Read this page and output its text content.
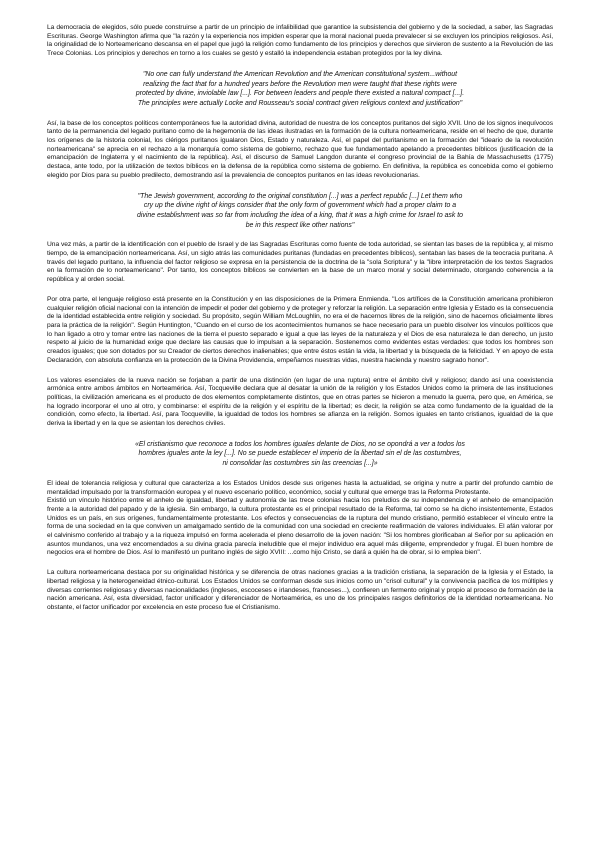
La democracia de elegidos, sólo puede construirse a partir de un principio de infalibilidad que garantice la subsistencia del gobierno y de la sociedad, a saber, las Sagradas Escrituras. George Washington afirma que "la razón y la experiencia nos impiden esperar que la moral nacional pueda prevalecer si se excluyen los principios religiosos. Así, la originalidad de lo Norteamericano descansa en el papel que jugó la religión como fundamento de los principios y derechos que sirvieron de sustento a la Revolución de las Trece Colonias. Los principios y derechos en torno a los cuales se gestó y estalló la independencia estaban protegidos por la ley divina.

"No one can fully understand the American Revolution and the American constitutional system...without realizing the fact that for a hundred years before the Revolution men were taught that these rights were protected by divine, inviolable law [...]. For between leaders and people there existed a natural compact [...]. The principles were actually Locke and Rousseau's social contract given religious context and justification"

Así, la base de los conceptos políticos contemporáneos fue la autoridad divina, autoridad de nuestra de los conceptos puritanos del siglo XVII. Uno de los signos inequívocos tanto de la permanencia del legado puritano como de la hegemonía de las ideas ilustradas en la formación de la cultura norteamericana, reside en el hecho de que, durante los orígenes de la historia colonial, los clérigos puritanos igualaron Dios, Estado y naturaleza. Así, el papel del puritanismo en la formación del "ideario de la revolución norteamericana" se aprecia en el rechazo a la monarquía como sistema de gobierno, rechazo que fue fundamentado apelando a precedentes bíblicos (justificación de la emancipación de Inglaterra y el nacimiento de la república). Así, el discurso de Samuel Langdon durante el congreso provincial de la Bahía de Massachusetts (1775) destaca, ante todo, por la utilización de textos bíblicos en la defensa de la república como sistema de gobierno. En definitiva, la república es concebida como el gobierno elegido por Dios para su pueblo predilecto, demostrando así la prevalencia de conceptos puritanos en las ideas revolucionarias.

"The Jewish government, according to the original constitution [...] was a perfect republic [...] Let them who cry up the divine right of kings consider that the only form of government which had a proper claim to a divine establishment was so far from including the idea of a king, that it was a high crime for Israel to ask to be in this respect like other nations"

Una vez más, a partir de la identificación con el pueblo de Israel y de las Sagradas Escrituras como fuente de toda autoridad, se sientan las bases de la república y, al mismo tiempo, de la emancipación norteamericana. Así, un siglo atrás las comunidades puritanas (fundadas en precedentes bíblicos), sentaban las bases de la teocracia puritana. A través del legado puritano, la influencia del factor religioso se expresa en la persistencia de la doctrina de la "sola Scriptura" y la "libre interpretación de los textos Sagrados en la formación de lo norteamericano". Por tanto, los conceptos bíblicos se convierten en la base de un marco moral y social determinado, otorgando coherencia a la república y al orden social.

Por otra parte, el lenguaje religioso está presente en la Constitución y en las disposiciones de la Primera Enmienda. "Los artífices de la Constitución americana prohibieron cualquier religión oficial nacional con la intención de impedir el poder del gobierno y de proteger y reforzar la religión. La separación entre Iglesia y Estado es la consecuencia de la identidad establecida entre religión y sociedad. Su propósito, según William McLoughlin, no era el de hacernos libres de la religión, sino de hacernos oficialmente libres para la práctica de la religión". Según Huntington, "Cuando en el curso de los acontecimientos humanos se hace necesario para un pueblo disolver los vínculos políticos que lo han ligado a otro y tomar entre las naciones de la tierra el puesto separado e igual a que las leyes de la naturaleza y el Dios de esa naturaleza le dan derecho, un justo respeto al juicio de la humanidad exige que declare las causas que lo impulsan a la separación. Sostenemos como evidentes estas verdades: que todos los hombres son creados iguales; que son dotados por su Creador de ciertos derechos inalienables; que entre éstos están la vida, la libertad y la búsqueda de la felicidad. Y en apoyo de esta Declaración, con absoluta confianza en la protección de la Divina Providencia, empeñamos nuestras vidas, nuestra hacienda y nuestro sagrado honor".

Los valores esenciales de la nueva nación se forjaban a partir de una distinción (en lugar de una ruptura) entre el ámbito civil y religioso; dando así una coexistencia armónica entre ambos ámbitos en Norteamérica. Así, Tocqueville declara que al desatar la unión de la religión y los Estados Unidos como la primera de las instituciones políticas, la civilización americana es el producto de dos elementos completamente distintos, que en otras partes se hicieron a menudo la guerra, pero que, en América, se ha logrado incorporar el uno al otro, y combinarse: el espíritu de la religión y el espíritu de la libertad; es decir, la religión se alza como fundamento de la igualdad de la condición, como efecto, la libertad. Así, para Tocqueville, la igualdad de todos los hombres se afianza en la religión. Somos iguales en tanto cristianos, igualdad de la que deriva la libertad y en la que se asientan los derechos civiles.

«El cristianismo que reconoce a todos los hombres iguales delante de Dios, no se opondrá a ver a todos los hombres iguales ante la ley [...]. No se puede establecer el imperio de la libertad sin el de las costumbres, ni consolidar las costumbres sin las creencias [...]»

El ideal de tolerancia religiosa y cultural que caracteriza a los Estados Unidos desde sus orígenes hasta la actualidad, se origina y nutre a partir del profundo cambio de mentalidad impulsado por la transformación europea y el nuevo escenario político, económico, social y cultural que emerge tras la Reforma Protestante.
Existió un vínculo histórico entre el anhelo de igualdad, libertad y autonomía de las trece colonias hacia los preludios de su independencia y el anhelo de emancipación frente a la autoridad del papado y de la iglesia. Sin embargo, la cultura protestante es el principal resultado de la Reforma, tal como se ha dicho insistentemente, Estados Unidos es un país, en sus orígenes, fundamentalmente protestante. Los efectos y consecuencias de la ruptura del mundo cristiano, permitió establecer el vínculo entre la forma de una sociedad en la que conviven un amalgamado sentido de la comunidad con una sociedad en creciente reafirmación de valores individuales. El afán valorar por el calvinismo conferido al trabajo y a la riqueza impulsó en forma acelerada el pleno desarrollo de la joven nación: "Si los hombres glorificaban al Señor por su aplicación en asuntos mundanos, una vez encomendados a su divina gracia parecía ineludible que el mejor individuo era aquel más diligente, emprendedor y frugal. El buen hombre de negocios era el hombre de Dios. Así lo manifestó un puritano inglés de siglo XVIII: ...como hijo Cristo, se dará a quién ha de obrar, si lo emplea bien".

La cultura norteamericana destaca por su originalidad histórica y se diferencia de otras naciones gracias a la tradición cristiana, la separación de la Iglesia y el Estado, la libertad religiosa y la heterogeneidad étnico-cultural. Los Estados Unidos se conforman desde sus inicios como un "crisol cultural" y la convivencia pacífica de los múltiples y diversas corrientes religiosas y diversas nacionalidades (ingleses, escoceses e irlandeses, franceses...), confieren un fermento original y propio al proceso de formación de la nación americana. Así, esta diversidad, factor unificador y diferenciador de Norteamérica, es uno de los principales rasgos definitorios de la identidad norteamericana. No obstante, el factor unificador por excelencia en este proceso fue el Cristianismo.
